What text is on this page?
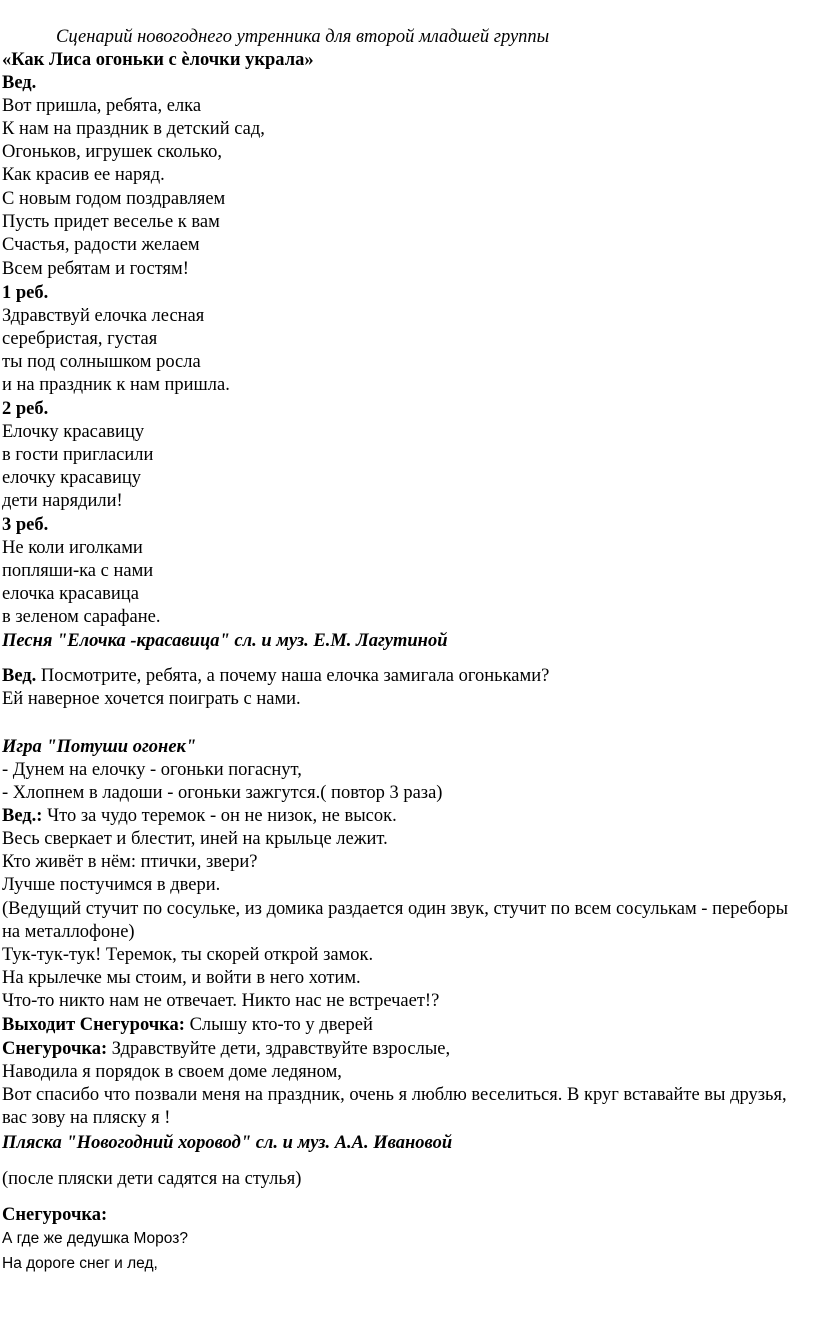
Сценарий новогоднего утренника для второй младшей группы
«Как Лиса огоньки с ѐлочки украла»
Вед.
Вот пришла, ребята, елка
К нам на праздник в детский сад,
Огоньков, игрушек сколько,
Как красив ее наряд.
С новым годом поздравляем
Пусть придет веселье к вам
Счастья, радости желаем
Всем ребятам и гостям!
1 реб.
Здравствуй елочка лесная
серебристая, густая
ты под солнышком росла
и на праздник к нам пришла.
2 реб.
Елочку красавицу
в гости пригласили
елочку красавицу
дети нарядили!
3 реб.
Не коли иголками
попляши-ка с нами
елочка красавица
в зеленом сарафане.
Песня "Елочка -красавица" сл. и муз. Е.М. Лагутиной
Вед. Посмотрите, ребята, а почему наша елочка замигала огоньками?
Ей наверное хочется поиграть с нами.
Игра "Потуши огонек"
- Дунем на елочку - огоньки погаснут,
- Хлопнем в ладоши - огоньки зажгутся.( повтор 3 раза)
Вед.: Что за чудо теремок - он не низок, не высок.
Весь сверкает и блестит, иней на крыльце лежит.
Кто живёт в нём: птички, звери?
Лучше постучимся в двери.
(Ведущий стучит по сосульке, из домика раздается один звук, стучит по всем сосулькам - переборы на металлофоне)
Тук-тук-тук! Теремок, ты скорей открой замок.
На крылечке мы стоим, и войти в него хотим.
Что-то никто нам не отвечает. Никто нас не встречает!?
Выходит Снегурочка: Слышу кто-то у дверей
Снегурочка: Здравствуйте дети, здравствуйте взрослые,
Наводила я порядок в своем доме ледяном,
Вот спасибо что позвали меня на праздник, очень я люблю веселиться. В круг вставайте вы друзья, вас зову на пляску я !
Пляска "Новогодний хоровод" сл. и муз. А.А. Ивановой
(после пляски дети садятся на стулья)
Снегурочка:
А где же дедушка Мороз?
На дороге снег и лед,
